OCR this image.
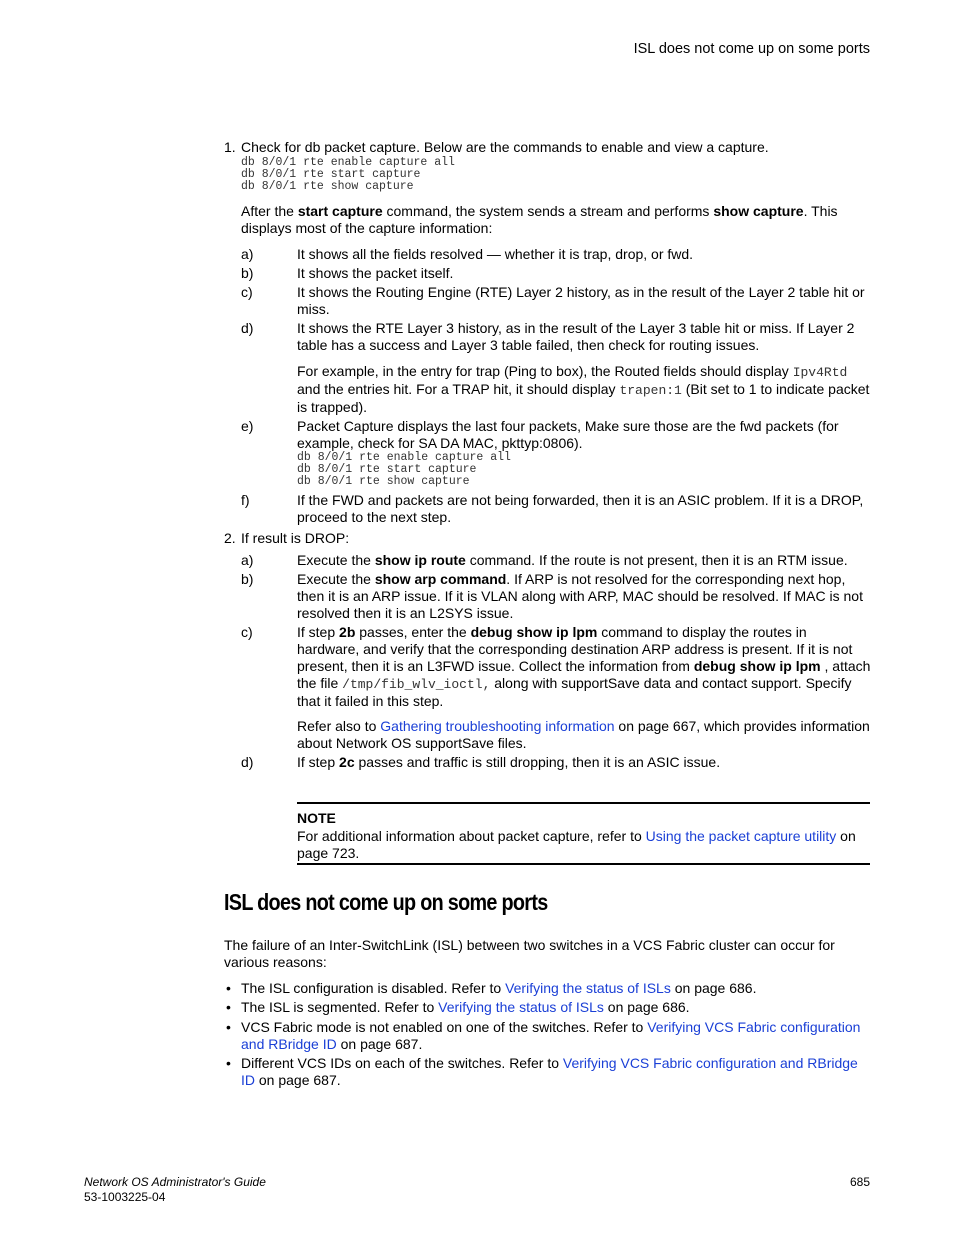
ISL does not come up on some ports
1. Check for db packet capture. Below are the commands to enable and view a capture.
db 8/0/1 rte enable capture all
db 8/0/1 rte start capture
db 8/0/1 rte show capture
After the start capture command, the system sends a stream and performs show capture. This displays most of the capture information:
a)	It shows all the fields resolved — whether it is trap, drop, or fwd.
b)	It shows the packet itself.
c)	It shows the Routing Engine (RTE) Layer 2 history, as in the result of the Layer 2 table hit or miss.
d)	It shows the RTE Layer 3 history, as in the result of the Layer 3 table hit or miss. If Layer 2 table has a success and Layer 3 table failed, then check for routing issues.
For example, in the entry for trap (Ping to box), the Routed fields should display Ipv4Rtd and the entries hit. For a TRAP hit, it should display trapen:1 (Bit set to 1 to indicate packet is trapped).
e)	Packet Capture displays the last four packets, Make sure those are the fwd packets (for example, check for SA DA MAC, pkttyp:0806).
db 8/0/1 rte enable capture all
db 8/0/1 rte start capture
db 8/0/1 rte show capture
f)	If the FWD and packets are not being forwarded, then it is an ASIC problem. If it is a DROP, proceed to the next step.
2. If result is DROP:
a)	Execute the show ip route command. If the route is not present, then it is an RTM issue.
b)	Execute the show arp command. If ARP is not resolved for the corresponding next hop, then it is an ARP issue. If it is VLAN along with ARP, MAC should be resolved. If MAC is not resolved then it is an L2SYS issue.
c)	If step 2b passes, enter the debug show ip lpm command to display the routes in hardware, and verify that the corresponding destination ARP address is present. If it is not present, then it is an L3FWD issue. Collect the information from debug show ip lpm , attach the file /tmp/fib_wlv_ioctl, along with supportSave data and contact support. Specify that it failed in this step.
Refer also to Gathering troubleshooting information on page 667, which provides information about Network OS supportSave files.
d)	If step 2c passes and traffic is still dropping, then it is an ASIC issue.
NOTE
For additional information about packet capture, refer to Using the packet capture utility on page 723.
ISL does not come up on some ports
The failure of an Inter-SwitchLink (ISL) between two switches in a VCS Fabric cluster can occur for various reasons:
• The ISL configuration is disabled. Refer to Verifying the status of ISLs on page 686.
• The ISL is segmented. Refer to Verifying the status of ISLs on page 686.
• VCS Fabric mode is not enabled on one of the switches. Refer to Verifying VCS Fabric configuration and RBridge ID on page 687.
• Different VCS IDs on each of the switches. Refer to Verifying VCS Fabric configuration and RBridge ID on page 687.
Network OS Administrator's Guide
53-1003225-04
685
